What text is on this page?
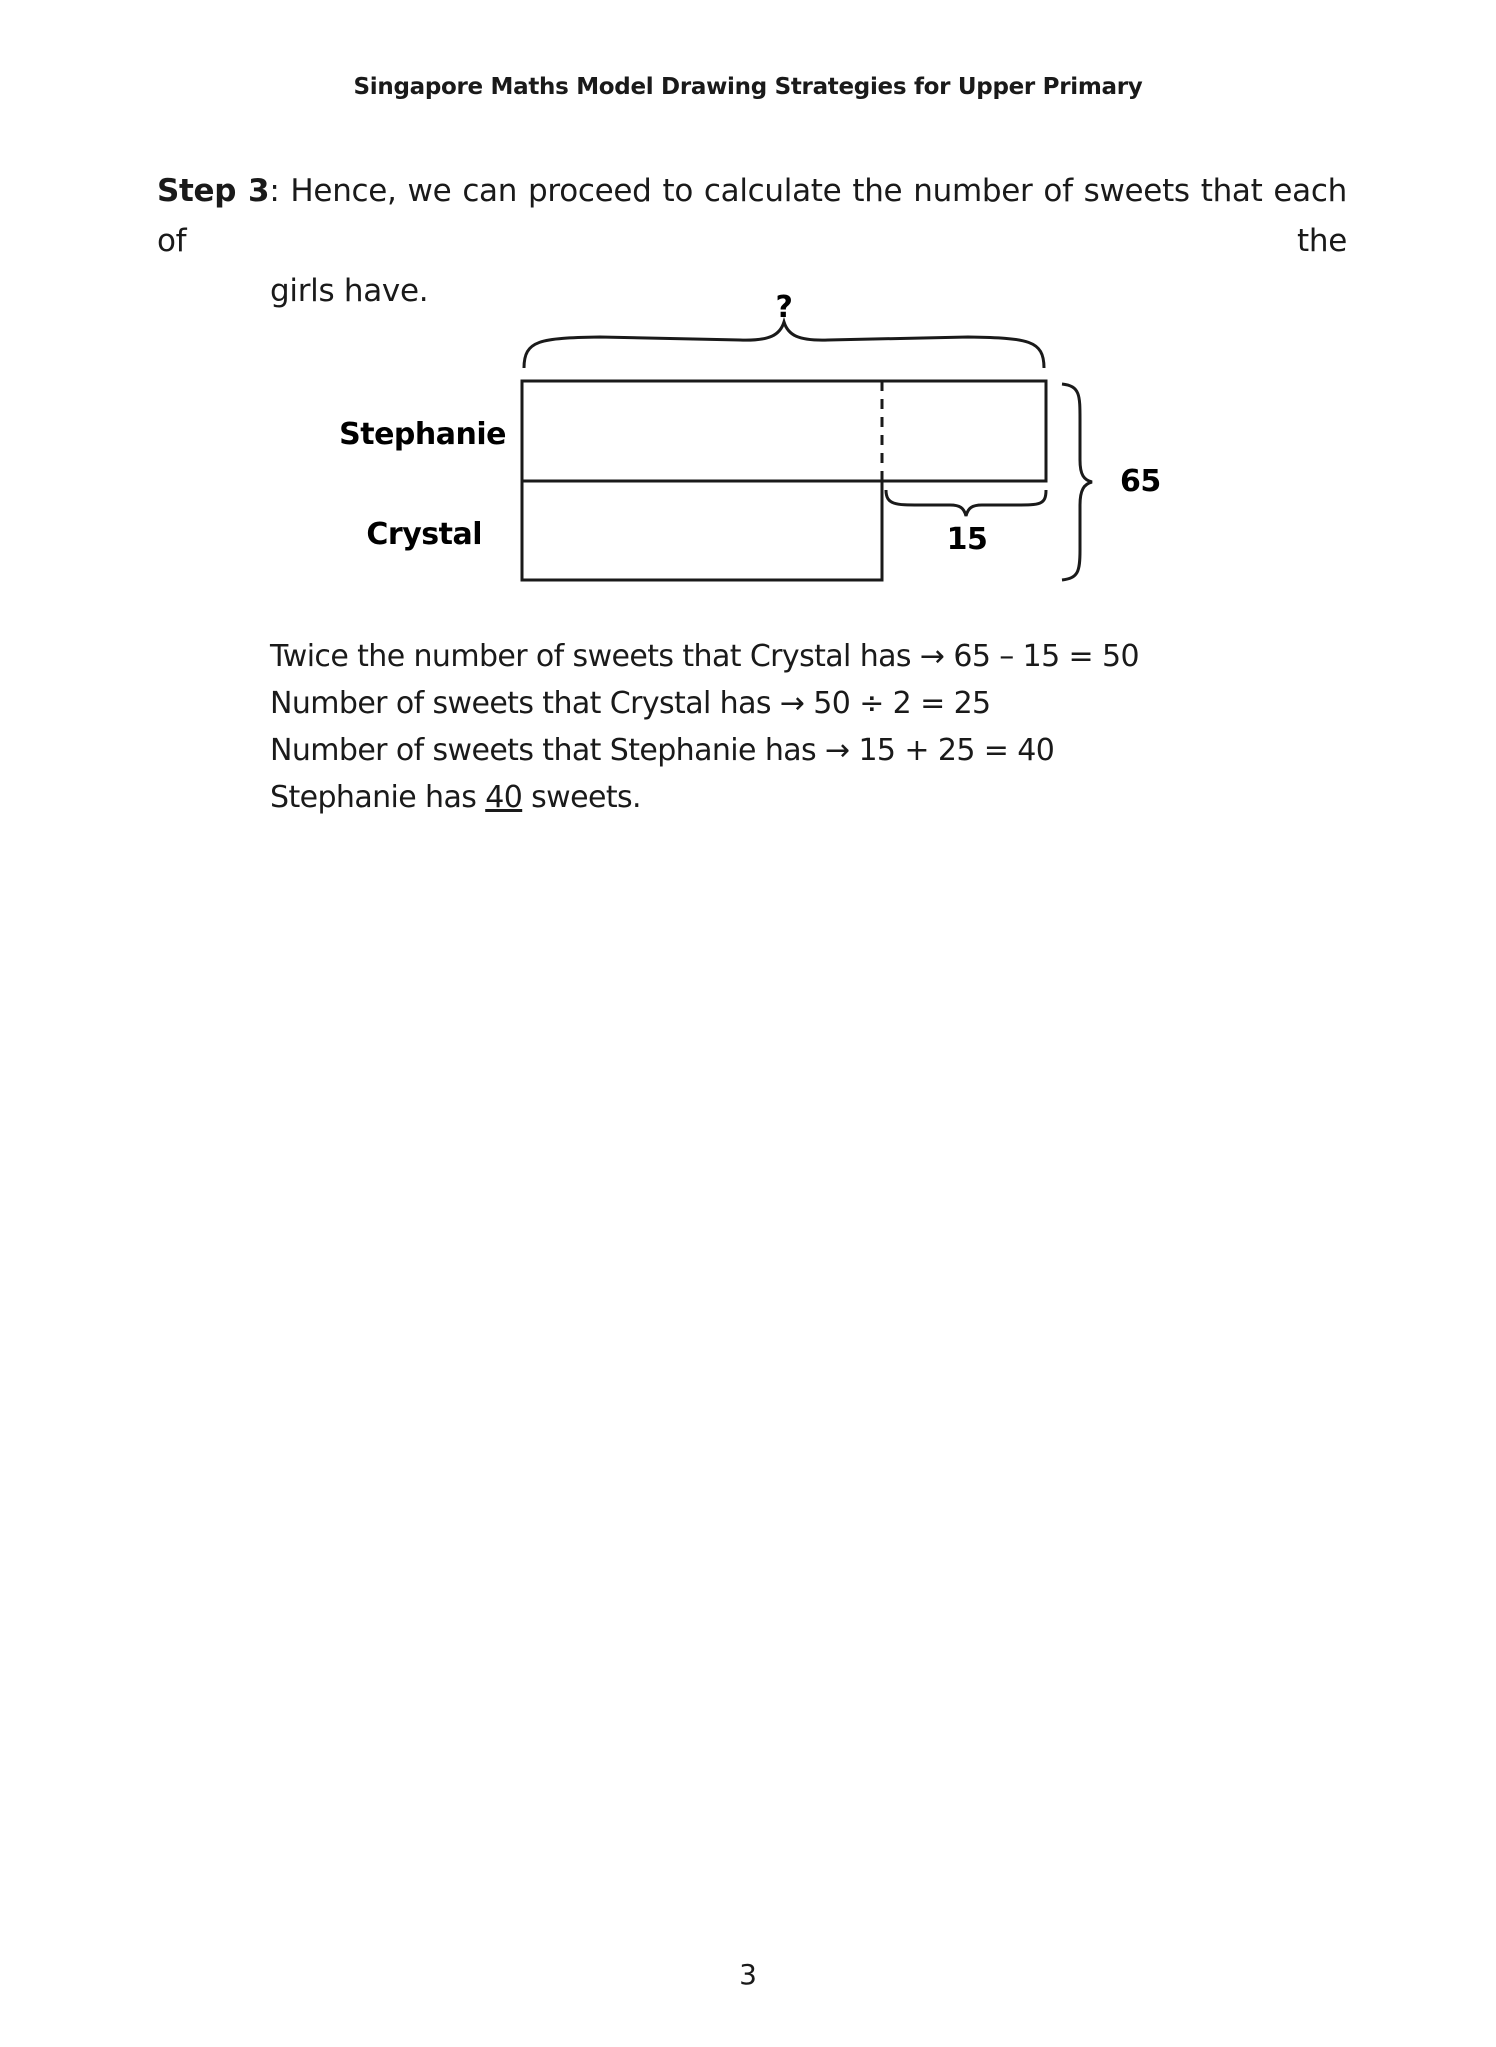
Singapore Maths Model Drawing Strategies for Upper Primary
Step 3: Hence, we can proceed to calculate the number of sweets that each of the
girls have.	?
Stephanie
Crystal	15
65
Twice the number of sweets that Crystal has → 65 – 15 = 50
Number of sweets that Crystal has → 50 ÷ 2 = 25
Number of sweets that Stephanie has → 15 + 25 = 40
Stephanie has 40 sweets.
3
